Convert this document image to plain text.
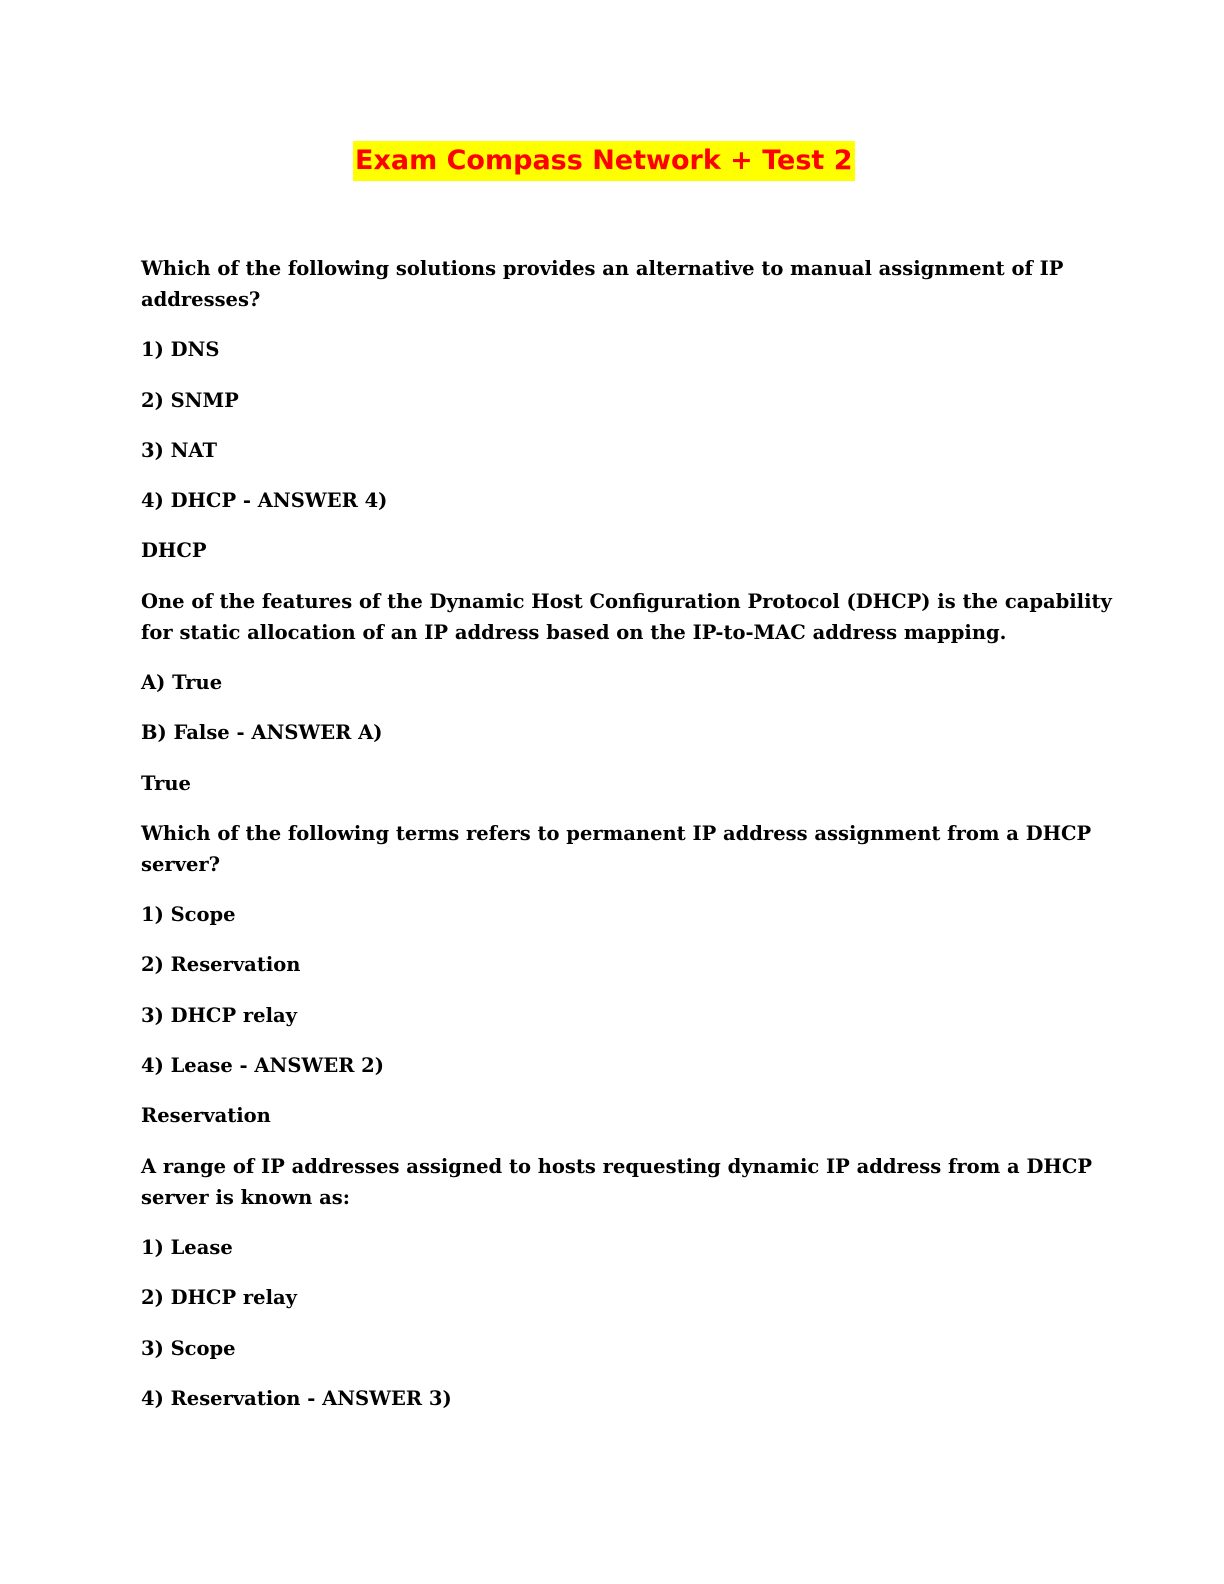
Exam Compass Network + Test 2
Which of the following solutions provides an alternative to manual assignment of IP
addresses?
1) DNS
2) SNMP
3) NAT
4) DHCP - ANSWER 4)
DHCP
One of the features of the Dynamic Host Configuration Protocol (DHCP) is the capability
for static allocation of an IP address based on the IP-to-MAC address mapping.
A) True
B) False - ANSWER A)
True
Which of the following terms refers to permanent IP address assignment from a DHCP
server?
1) Scope
2) Reservation
3) DHCP relay
4) Lease - ANSWER 2)
Reservation
A range of IP addresses assigned to hosts requesting dynamic IP address from a DHCP
server is known as:
1) Lease
2) DHCP relay
3) Scope
4) Reservation - ANSWER 3)
